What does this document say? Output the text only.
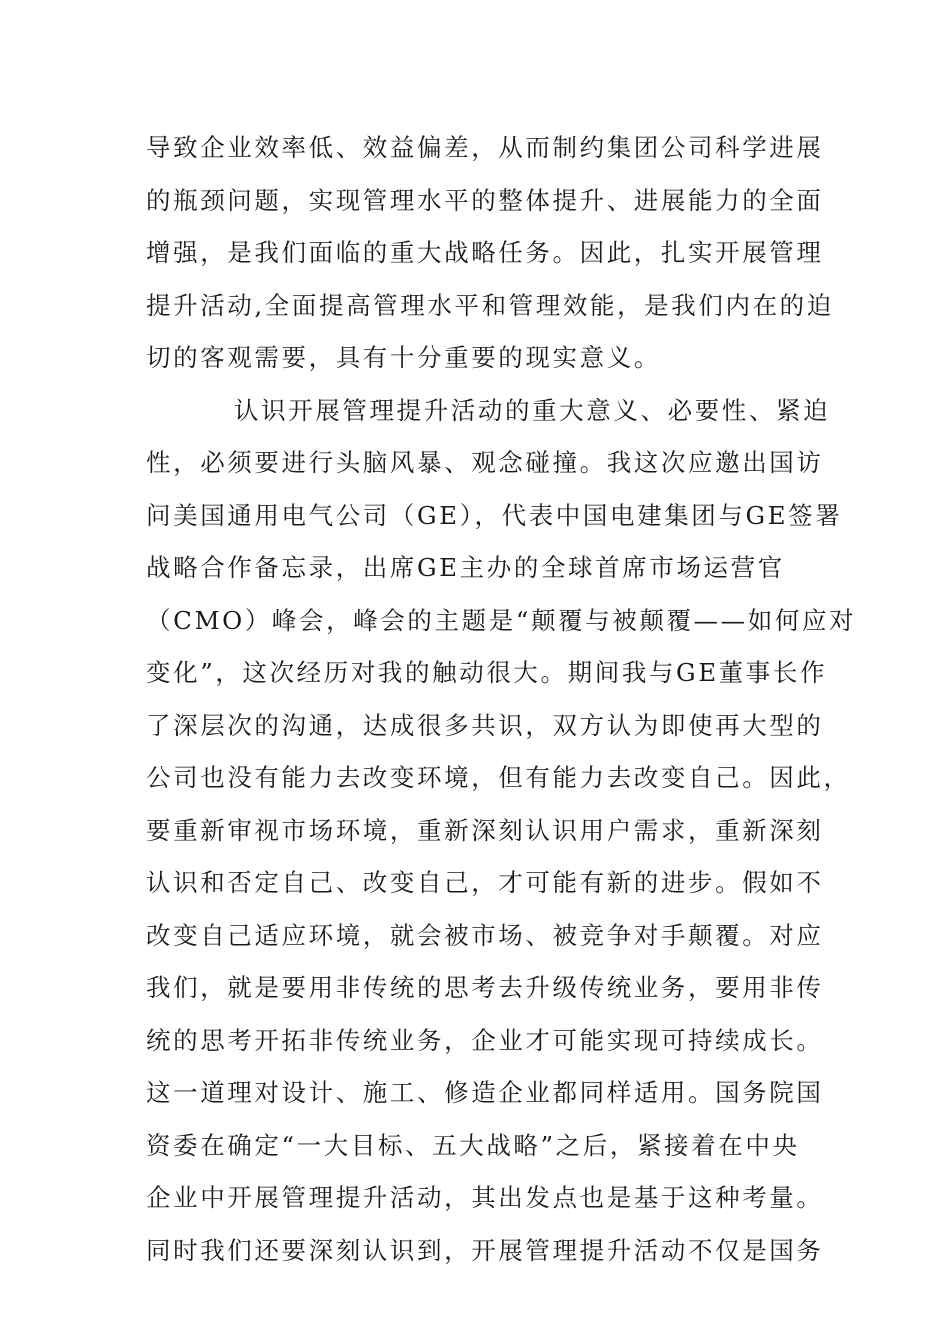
导致企业效率低、效益偏差，从而制约集团公司科学进展
的瓶颈问题，实现管理水平的整体提升、进展能力的全面
增强，是我们面临的重大战略任务。因此，扎实开展管理
提升活动,全面提高管理水平和管理效能，是我们内在的迫
切的客观需要，具有十分重要的现实意义。
认识开展管理提升活动的重大意义、必要性、紧迫
性，必须要进行头脑风暴、观念碰撞。我这次应邀出国访
问美国通用电气公司（GE），代表中国电建集团与GE签署
战略合作备忘录，出席GE主办的全球首席市场运营官
（CMO）峰会，峰会的主题是“颠覆与被颠覆——如何应对
变化”，这次经历对我的触动很大。期间我与GE董事长作
了深层次的沟通，达成很多共识，双方认为即使再大型的
公司也没有能力去改变环境，但有能力去改变自己。因此，
要重新审视市场环境，重新深刻认识用户需求，重新深刻
认识和否定自己、改变自己，才可能有新的进步。假如不
改变自己适应环境，就会被市场、被竞争对手颠覆。对应
我们，就是要用非传统的思考去升级传统业务，要用非传
统的思考开拓非传统业务，企业才可能实现可持续成长。
这一道理对设计、施工、修造企业都同样适用。国务院国
资委在确定“一大目标、五大战略”之后，紧接着在中央
企业中开展管理提升活动，其出发点也是基于这种考量。
同时我们还要深刻认识到，开展管理提升活动不仅是国务
